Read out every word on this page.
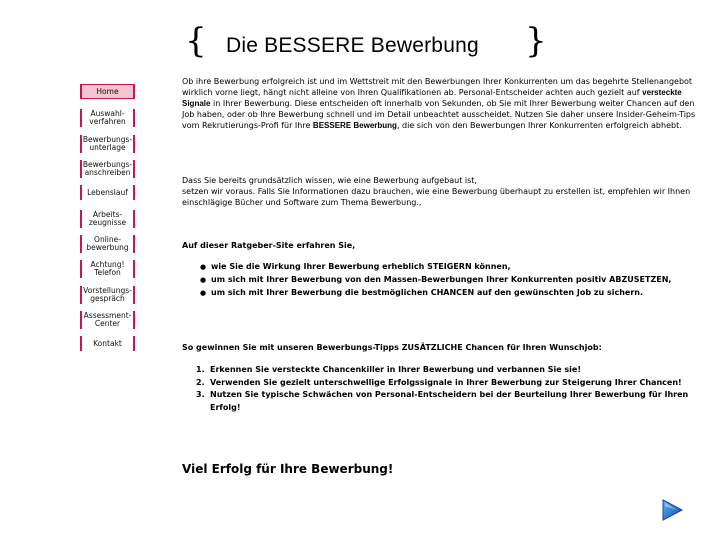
{ Die BESSERE Bewerbung }
Home
Auswahl-
verfahren
Bewerbungs-
unterlage
Bewerbungs-
anschreiben
Lebenslauf
Arbeits-
zeugnisse
Online-
bewerbung
Achtung!
Telefon
Vorstellungs-
gespräch
Assessment-
Center
Kontakt

Ob ihre Bewerbung erfolgreich ist und im Wettstreit mit den Bewerbungen Ihrer Konkurrenten um das begehrte Stellenangebot wirklich vorne liegt, hängt nicht alleine von Ihren Qualifikationen ab. Personal-Entscheider achten auch gezielt auf versteckte Signale in Ihrer Bewerbung. Diese entscheiden oft innerhalb von Sekunden, ob Sie mit Ihrer Bewerbung weiter Chancen auf den Job haben, oder ob Ihre Bewerbung schnell und im Detail unbeachtet ausscheidet. Nutzen Sie daher unsere Insider-Geheim-Tips vom Rekrutierungs-Profi für Ihre BESSERE Bewerbung, die sich von den Bewerbungen Ihrer Konkurrenten erfolgreich abhebt.

Dass Sie bereits grundsätzlich wissen, wie eine Bewerbung aufgebaut ist,
setzen wir voraus. Falls Sie Informationen dazu brauchen, wie eine Bewerbung überhaupt zu erstellen ist, empfehlen wir Ihnen einschlägige Bücher und Software zum Thema Bewerbung.,

Auf dieser Ratgeber-Site erfahren Sie,
● wie Sie die Wirkung Ihrer Bewerbung erheblich STEIGERN können,
● um sich mit Ihrer Bewerbung von den Massen-Bewerbungen Ihrer Konkurrenten positiv ABZUSETZEN,
● um sich mit Ihrer Bewerbung die bestmöglichen CHANCEN auf den gewünschten Job zu sichern.
So gewinnen Sie mit unseren Bewerbungs-Tipps ZUSÄTZLICHE Chancen für Ihren Wunschjob:
1. Erkennen Sie versteckte Chancenkiller in Ihrer Bewerbung und verbannen Sie sie!
2. Verwenden Sie gezielt unterschwellige Erfolgssignale in Ihrer Bewerbung zur Steigerung Ihrer Chancen!
3. Nutzen Sie typische Schwächen von Personal-Entscheidern bei der Beurteilung Ihrer Bewerbung für Ihren Erfolg!
Viel Erfolg für Ihre Bewerbung!
